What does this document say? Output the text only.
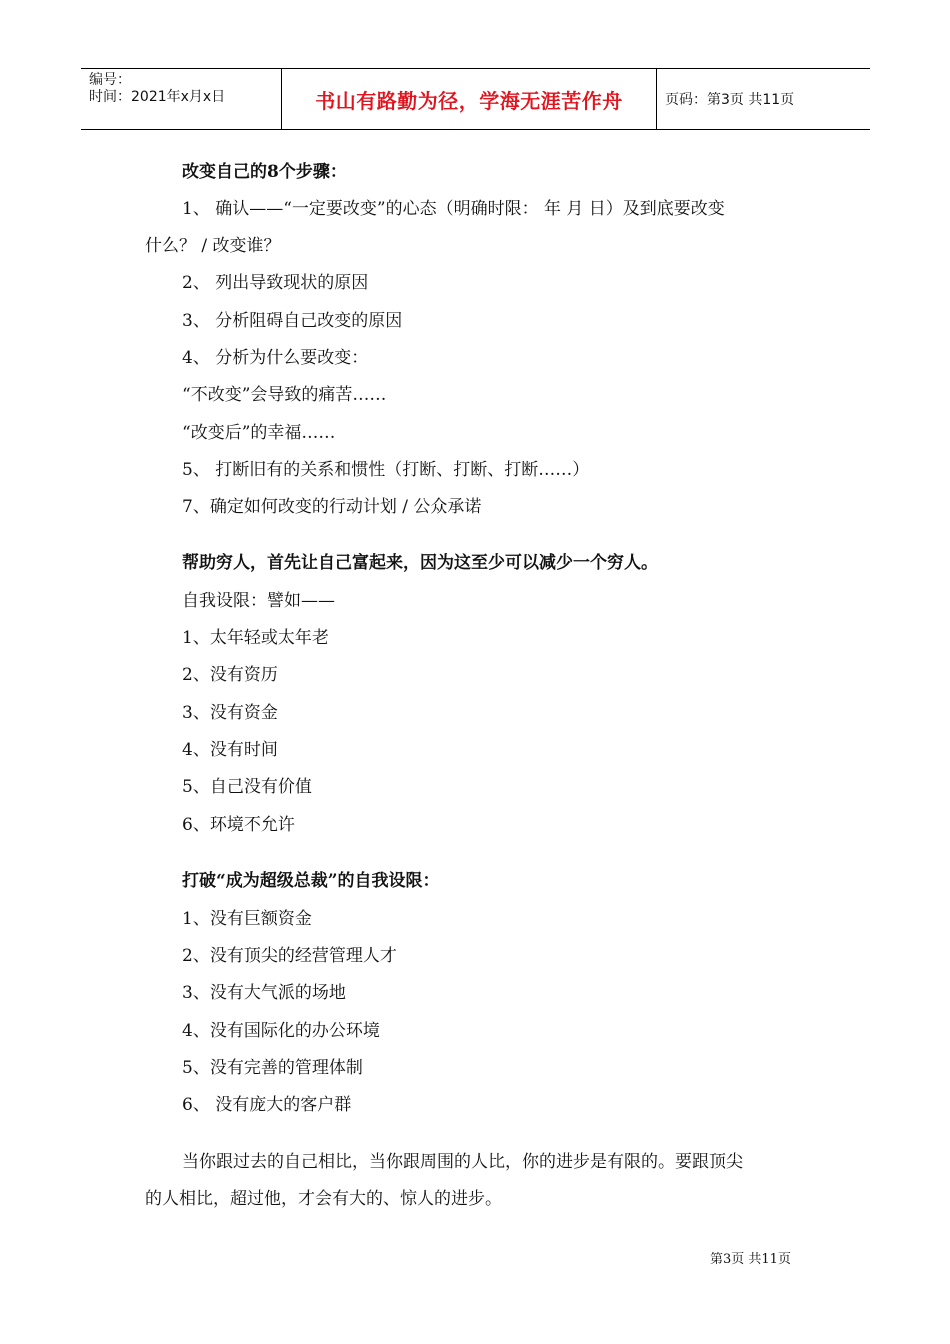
编号：
时间：2021年x月x日	书山有路勤为径，学海无涯苦作舟	页码：第3页 共11页
改变自己的8个步骤：
1、 确认——“一定要改变”的心态（明确时限： 年 月 日）及到底要改变
什么？ / 改变谁？
2、 列出导致现状的原因
3、 分析阻碍自己改变的原因
4、 分析为什么要改变：
“不改变”会导致的痛苦……
“改变后”的幸福……
5、 打断旧有的关系和惯性（打断、打断、打断……）
7、确定如何改变的行动计划 / 公众承诺
帮助穷人，首先让自己富起来，因为这至少可以减少一个穷人。
自我设限：譬如——
1、太年轻或太年老
2、没有资历
3、没有资金
4、没有时间
5、自己没有价值
6、环境不允许
打破“成为超级总裁”的自我设限：
1、没有巨额资金
2、没有顶尖的经营管理人才
3、没有大气派的场地
4、没有国际化的办公环境
5、没有完善的管理体制
6、 没有庞大的客户群
当你跟过去的自己相比，当你跟周围的人比，你的进步是有限的。要跟顶尖
的人相比，超过他，才会有大的、惊人的进步。
第3页 共11页
